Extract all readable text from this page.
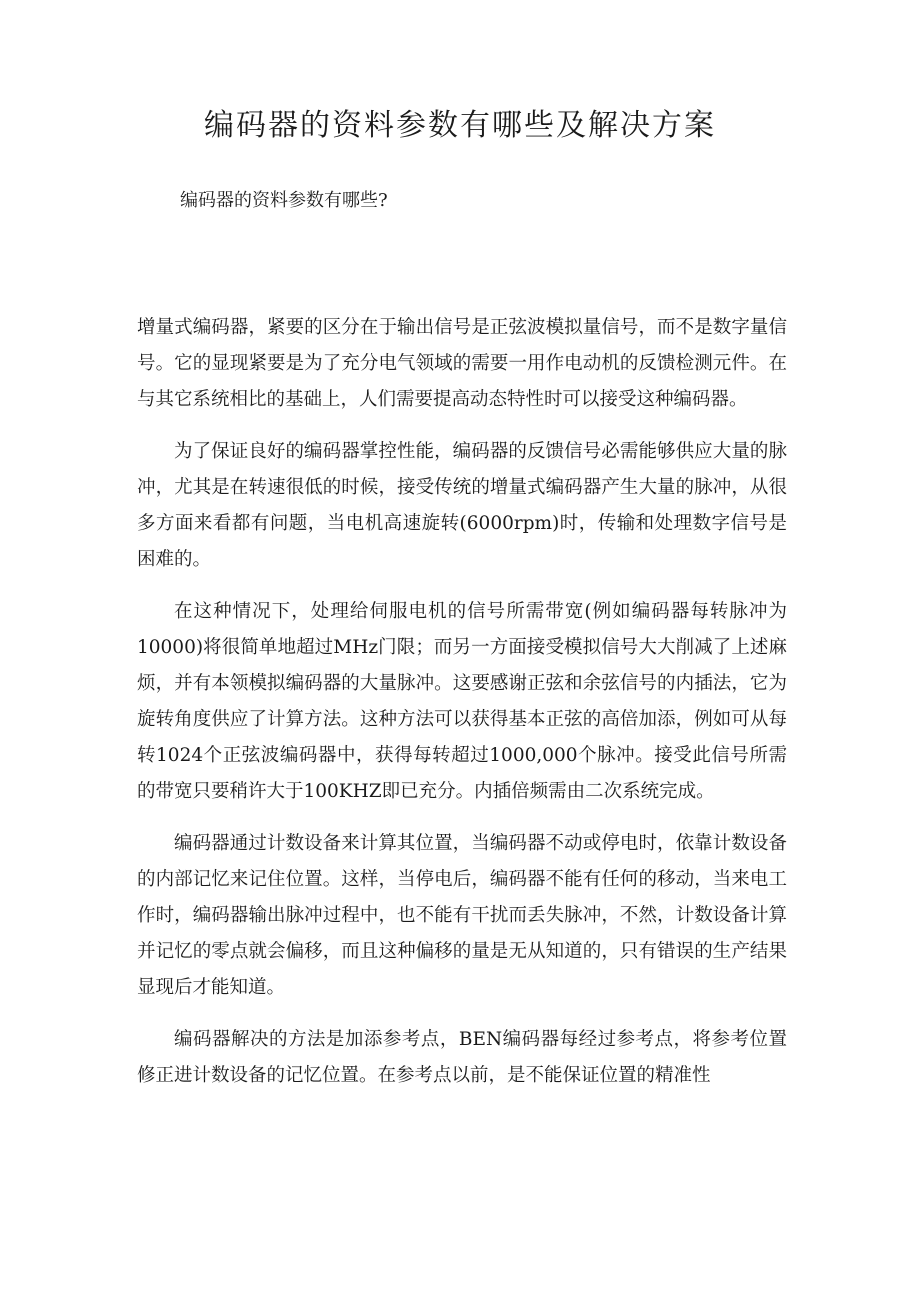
编码器的资料参数有哪些及解决方案

编码器的资料参数有哪些?

增量式编码器，紧要的区分在于输出信号是正弦波模拟量信号，而不是数字量信号。它的显现紧要是为了充分电气领域的需要一用作电动机的反馈检测元件。在与其它系统相比的基础上，人们需要提高动态特性时可以接受这种编码器。

为了保证良好的编码器掌控性能，编码器的反馈信号必需能够供应大量的脉冲，尤其是在转速很低的时候，接受传统的增量式编码器产生大量的脉冲，从很多方面来看都有问题，当电机高速旋转(6000rpm)时，传输和处理数字信号是困难的。

在这种情况下，处理给伺服电机的信号所需带宽(例如编码器每转脉冲为10000)将很简单地超过MHz门限；而另一方面接受模拟信号大大削减了上述麻烦，并有本领模拟编码器的大量脉冲。这要感谢正弦和余弦信号的内插法，它为旋转角度供应了计算方法。这种方法可以获得基本正弦的高倍加添，例如可从每转1024个正弦波编码器中，获得每转超过1000,000个脉冲。接受此信号所需的带宽只要稍许大于100KHZ即已充分。内插倍频需由二次系统完成。

编码器通过计数设备来计算其位置，当编码器不动或停电时，依靠计数设备的内部记忆来记住位置。这样，当停电后，编码器不能有任何的移动，当来电工作时，编码器输出脉冲过程中，也不能有干扰而丢失脉冲，不然，计数设备计算并记忆的零点就会偏移，而且这种偏移的量是无从知道的，只有错误的生产结果显现后才能知道。

编码器解决的方法是加添参考点，BEN编码器每经过参考点，将参考位置修正进计数设备的记忆位置。在参考点以前，是不能保证位置的精准性
